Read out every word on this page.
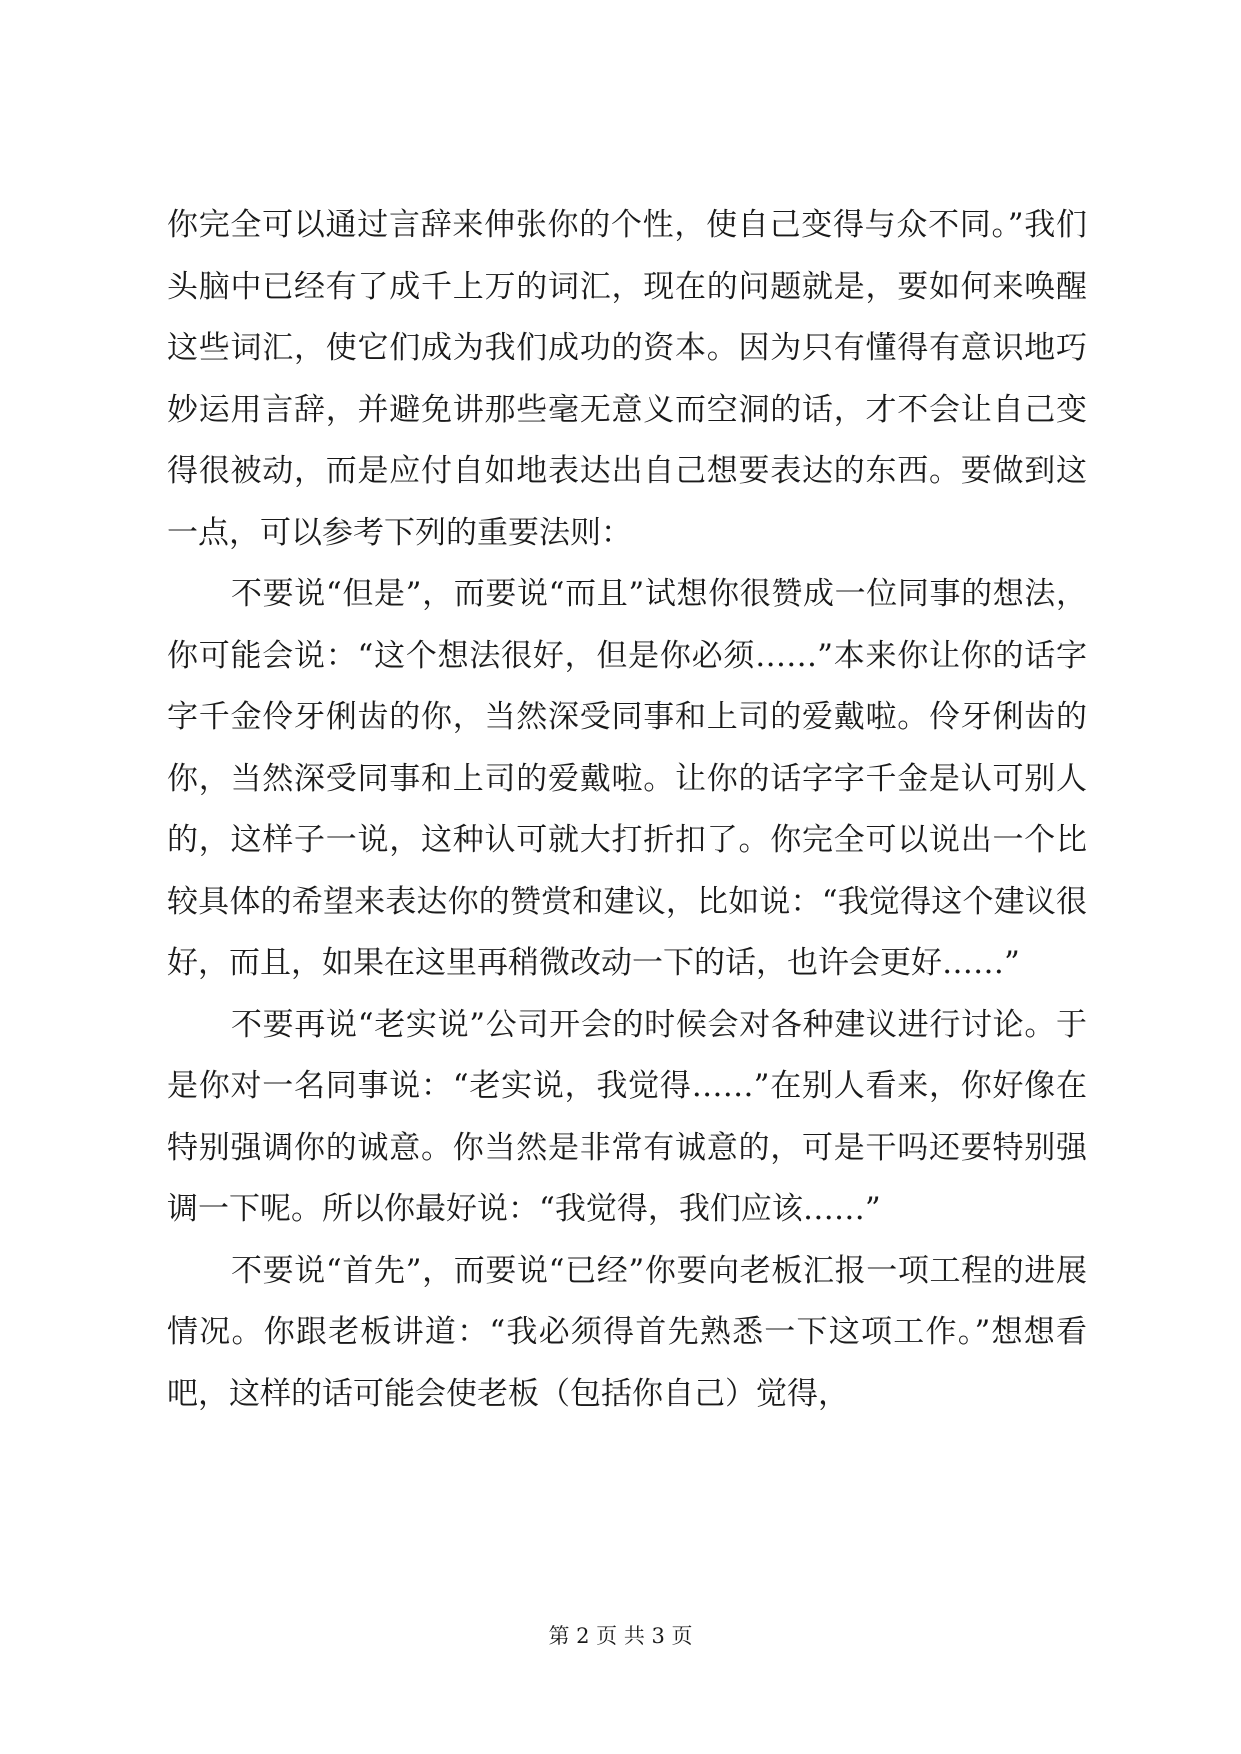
你完全可以通过言辞来伸张你的个性，使自己变得与众不同。”我们头脑中已经有了成千上万的词汇，现在的问题就是，要如何来唤醒这些词汇，使它们成为我们成功的资本。因为只有懂得有意识地巧妙运用言辞，并避免讲那些毫无意义而空洞的话，才不会让自己变得很被动，而是应付自如地表达出自己想要表达的东西。要做到这一点，可以参考下列的重要法则：

不要说“但是”，而要说“而且”试想你很赞成一位同事的想法，你可能会说：“这个想法很好，但是你必须……”本来你让你的话字字千金伶牙俐齿的你，当然深受同事和上司的爱戴啦。伶牙俐齿的你，当然深受同事和上司的爱戴啦。让你的话字字千金是认可别人的，这样子一说，这种认可就大打折扣了。你完全可以说出一个比较具体的希望来表达你的赞赏和建议，比如说：“我觉得这个建议很好，而且，如果在这里再稍微改动一下的话，也许会更好……”

不要再说“老实说”公司开会的时候会对各种建议进行讨论。于是你对一名同事说：“老实说，我觉得……”在别人看来，你好像在特别强调你的诚意。你当然是非常有诚意的，可是干吗还要特别强调一下呢。所以你最好说：“我觉得，我们应该……”

不要说“首先”，而要说“已经”你要向老板汇报一项工程的进展情况。你跟老板讲道：“我必须得首先熟悉一下这项工作。”想想看吧，这样的话可能会使老板（包括你自己）觉得，

第 2 页 共 3 页
